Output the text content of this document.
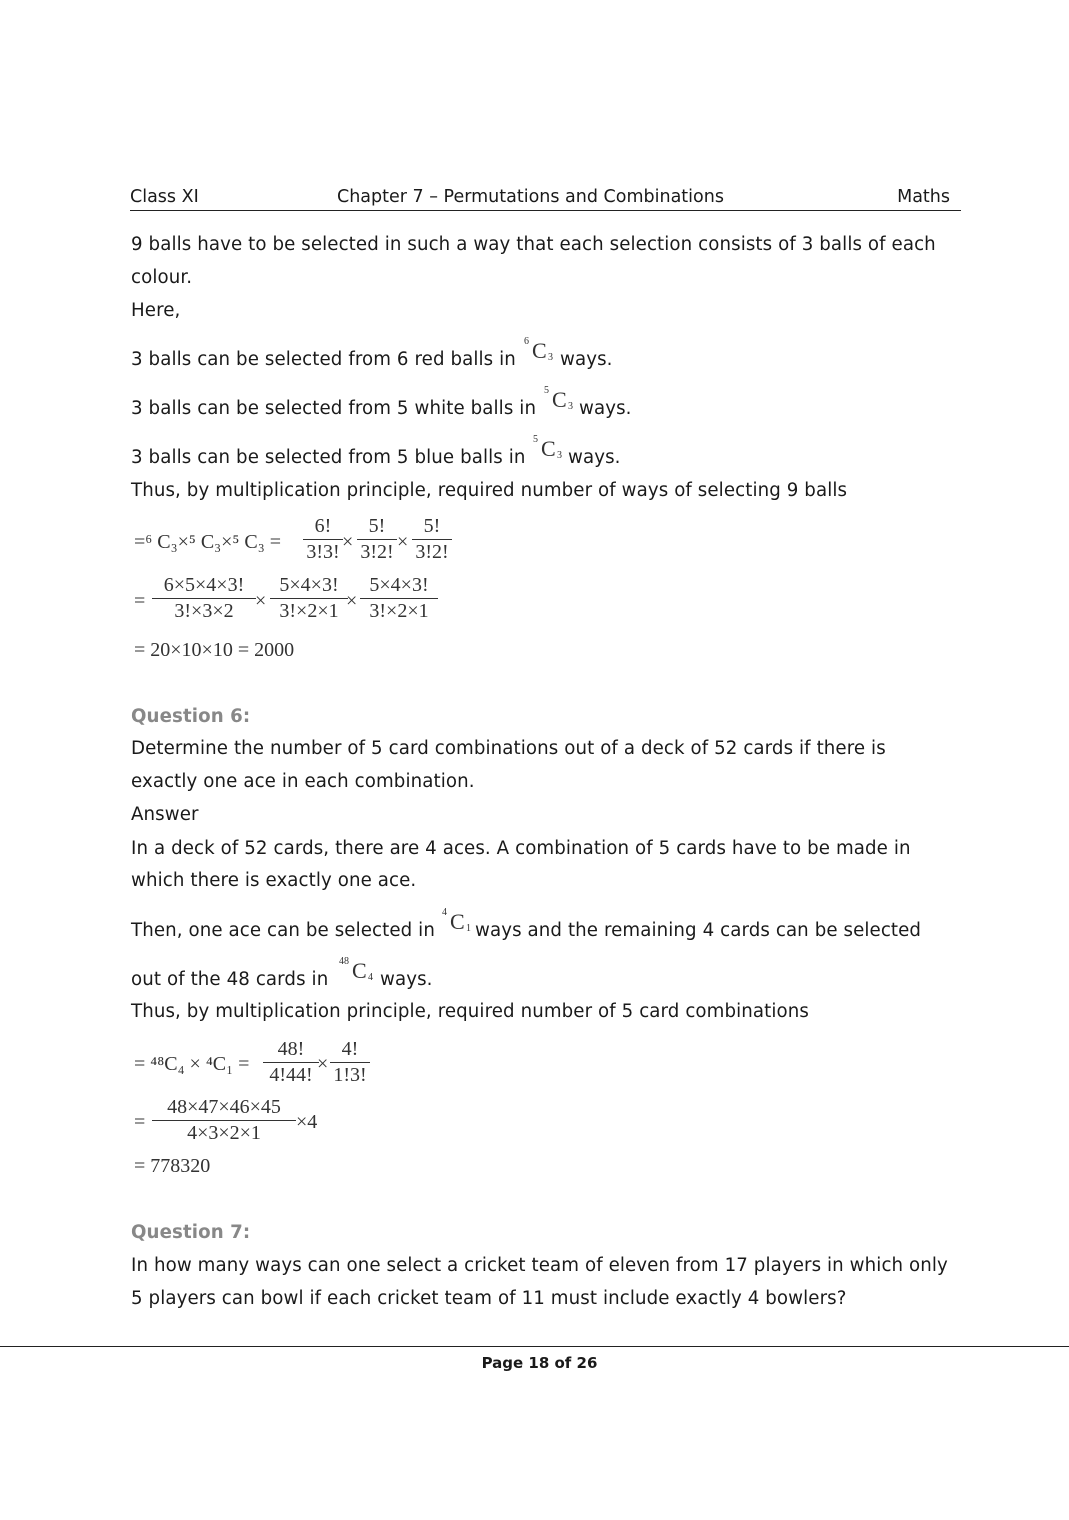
Class XI	Chapter 7 – Permutations and Combinations	Maths
9 balls have to be selected in such a way that each selection consists of 3 balls of each
colour.
Here,
3 balls can be selected from 6 red balls in
6 C 3 ways.
3 balls can be selected from 5 white balls in
5 C 3 ways.
3 balls can be selected from 5 blue balls in
5 C 3 ways.
Thus, by multiplication principle, required number of ways of selecting 9 balls
=⁶ C₃×⁵ C₃×⁵ C₃ =
6!
3!3! ×
5!
3!2! ×
5!
3!2!
=
6×5×4×3!
3!×3×2	×
5×4×3!
3!×2×1 ×
5×4×3!
3!×2×1
= 20×10×10 = 2000
Question 6:
Determine the number of 5 card combinations out of a deck of 52 cards if there is
exactly one ace in each combination.
Answer
In a deck of 52 cards, there are 4 aces. A combination of 5 cards have to be made in
which there is exactly one ace.
Then, one ace can be selected in
4 C 1 ways and the remaining 4 cards can be selected
out of the 48 cards in
48 C 4 ways.
Thus, by multiplication principle, required number of 5 card combinations
= ⁴⁸C₄ × ⁴C₁ =
48!
4!44! ×
4!
1!3!
=
48×47×46×45
4×3×2×1	×4
= 778320
Question 7:
In how many ways can one select a cricket team of eleven from 17 players in which only
5 players can bowl if each cricket team of 11 must include exactly 4 bowlers?
Page 18 of 26
